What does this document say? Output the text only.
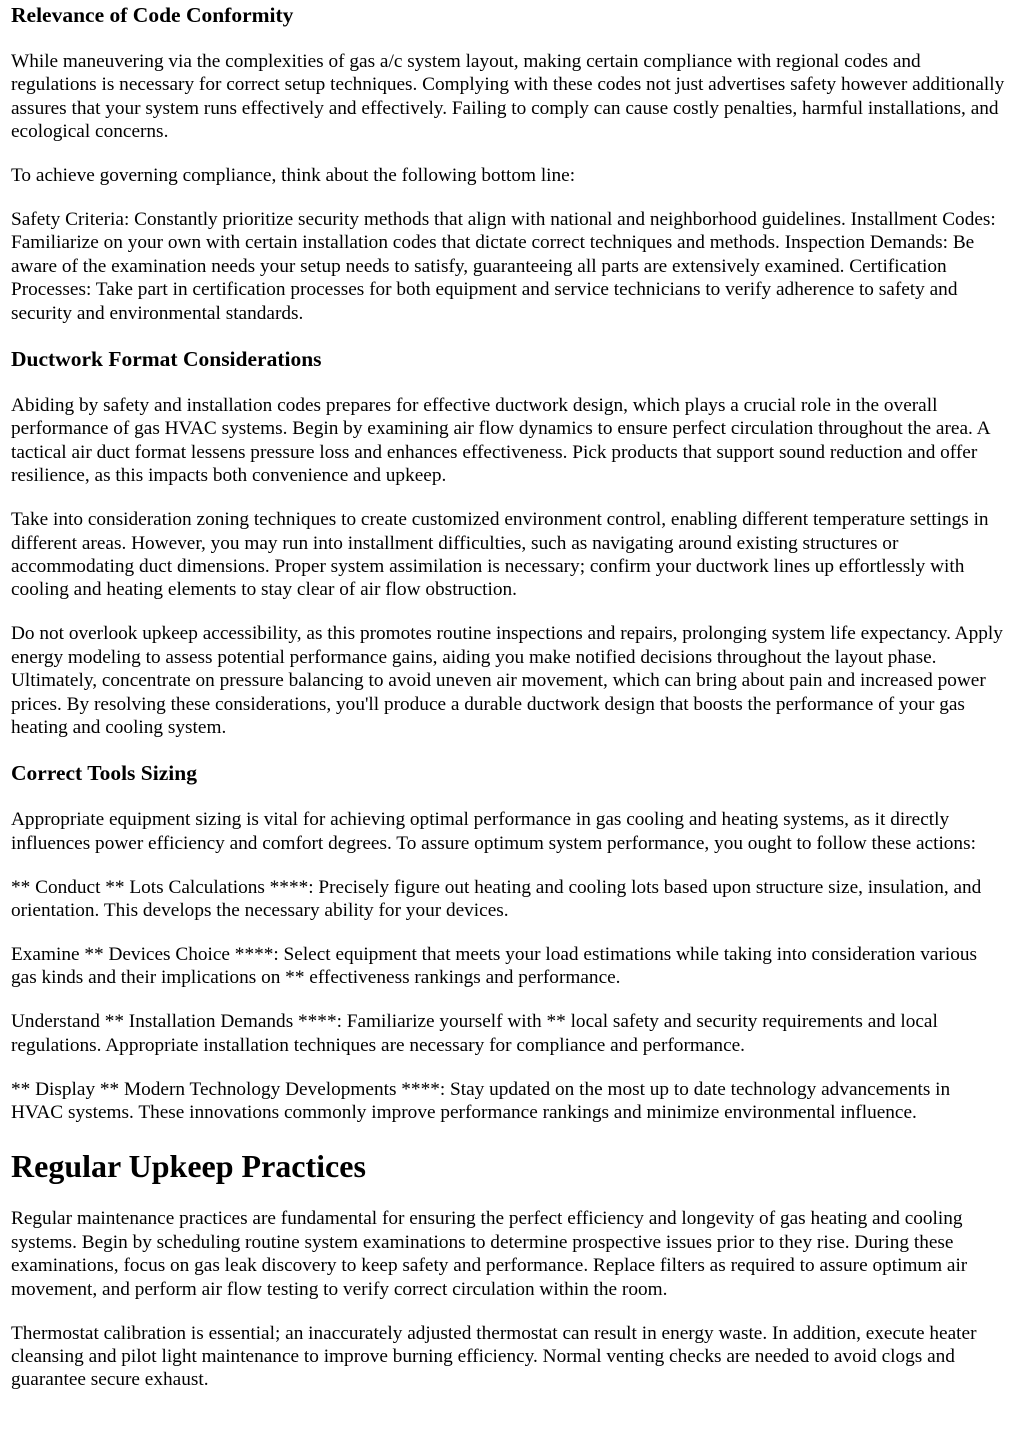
Relevance of Code Conformity

While maneuvering via the complexities of gas a/c system layout, making certain compliance with regional codes and regulations is necessary for correct setup techniques. Complying with these codes not just advertises safety however additionally assures that your system runs effectively and effectively. Failing to comply can cause costly penalties, harmful installations, and ecological concerns.

To achieve governing compliance, think about the following bottom line:

Safety Criteria: Constantly prioritize security methods that align with national and neighborhood guidelines. Installment Codes: Familiarize on your own with certain installation codes that dictate correct techniques and methods. Inspection Demands: Be aware of the examination needs your setup needs to satisfy, guaranteeing all parts are extensively examined. Certification Processes: Take part in certification processes for both equipment and service technicians to verify adherence to safety and security and environmental standards.

Ductwork Format Considerations

Abiding by safety and installation codes prepares for effective ductwork design, which plays a crucial role in the overall performance of gas HVAC systems. Begin by examining air flow dynamics to ensure perfect circulation throughout the area. A tactical air duct format lessens pressure loss and enhances effectiveness. Pick products that support sound reduction and offer resilience, as this impacts both convenience and upkeep.

Take into consideration zoning techniques to create customized environment control, enabling different temperature settings in different areas. However, you may run into installment difficulties, such as navigating around existing structures or accommodating duct dimensions. Proper system assimilation is necessary; confirm your ductwork lines up effortlessly with cooling and heating elements to stay clear of air flow obstruction.

Do not overlook upkeep accessibility, as this promotes routine inspections and repairs, prolonging system life expectancy. Apply energy modeling to assess potential performance gains, aiding you make notified decisions throughout the layout phase. Ultimately, concentrate on pressure balancing to avoid uneven air movement, which can bring about pain and increased power prices. By resolving these considerations, you'll produce a durable ductwork design that boosts the performance of your gas heating and cooling system.

Correct Tools Sizing

Appropriate equipment sizing is vital for achieving optimal performance in gas cooling and heating systems, as it directly influences power efficiency and comfort degrees. To assure optimum system performance, you ought to follow these actions:

** Conduct ** Lots Calculations ****: Precisely figure out heating and cooling lots based upon structure size, insulation, and orientation. This develops the necessary ability for your devices.

Examine ** Devices Choice ****: Select equipment that meets your load estimations while taking into consideration various gas kinds and their implications on ** effectiveness rankings and performance.

Understand ** Installation Demands ****: Familiarize yourself with ** local safety and security requirements and local regulations. Appropriate installation techniques are necessary for compliance and performance.

** Display ** Modern Technology Developments ****: Stay updated on the most up to date technology advancements in HVAC systems. These innovations commonly improve performance rankings and minimize environmental influence.

Regular Upkeep Practices

Regular maintenance practices are fundamental for ensuring the perfect efficiency and longevity of gas heating and cooling systems. Begin by scheduling routine system examinations to determine prospective issues prior to they rise. During these examinations, focus on gas leak discovery to keep safety and performance. Replace filters as required to assure optimum air movement, and perform air flow testing to verify correct circulation within the room.

Thermostat calibration is essential; an inaccurately adjusted thermostat can result in energy waste. In addition, execute heater cleansing and pilot light maintenance to improve burning efficiency. Normal venting checks are needed to avoid clogs and guarantee secure exhaust.
